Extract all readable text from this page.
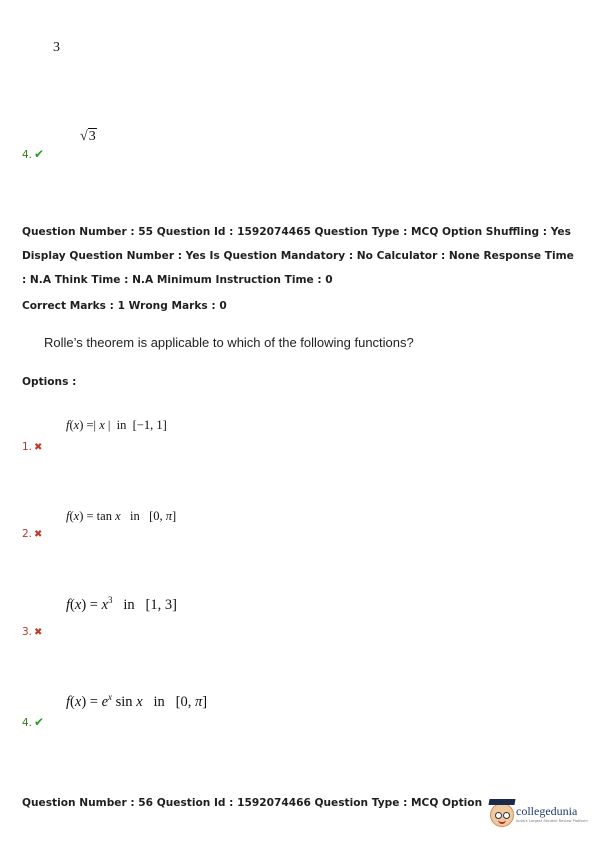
3
√3
4. ✔
Question Number : 55 Question Id : 1592074465 Question Type : MCQ Option Shuffling : Yes
Display Question Number : Yes Is Question Mandatory : No Calculator : None Response Time
: N.A Think Time : N.A Minimum Instruction Time : 0
Correct Marks : 1 Wrong Marks : 0
Rolle’s theorem is applicable to which of the following functions?
Options :
f(x) =| x |  in  [−1, 1]
1. ✖
f(x) = tan x   in   [0, π]
2. ✖
$f(x) = x^3$   in   [1, 3]
3. ✖
$f(x) = e^x$ sin x   in   [0, π]
4. ✔
Question Number : 56 Question Id : 1592074466 Question Type : MCQ Option
collegedunia
India's Largest Student Review Platform
